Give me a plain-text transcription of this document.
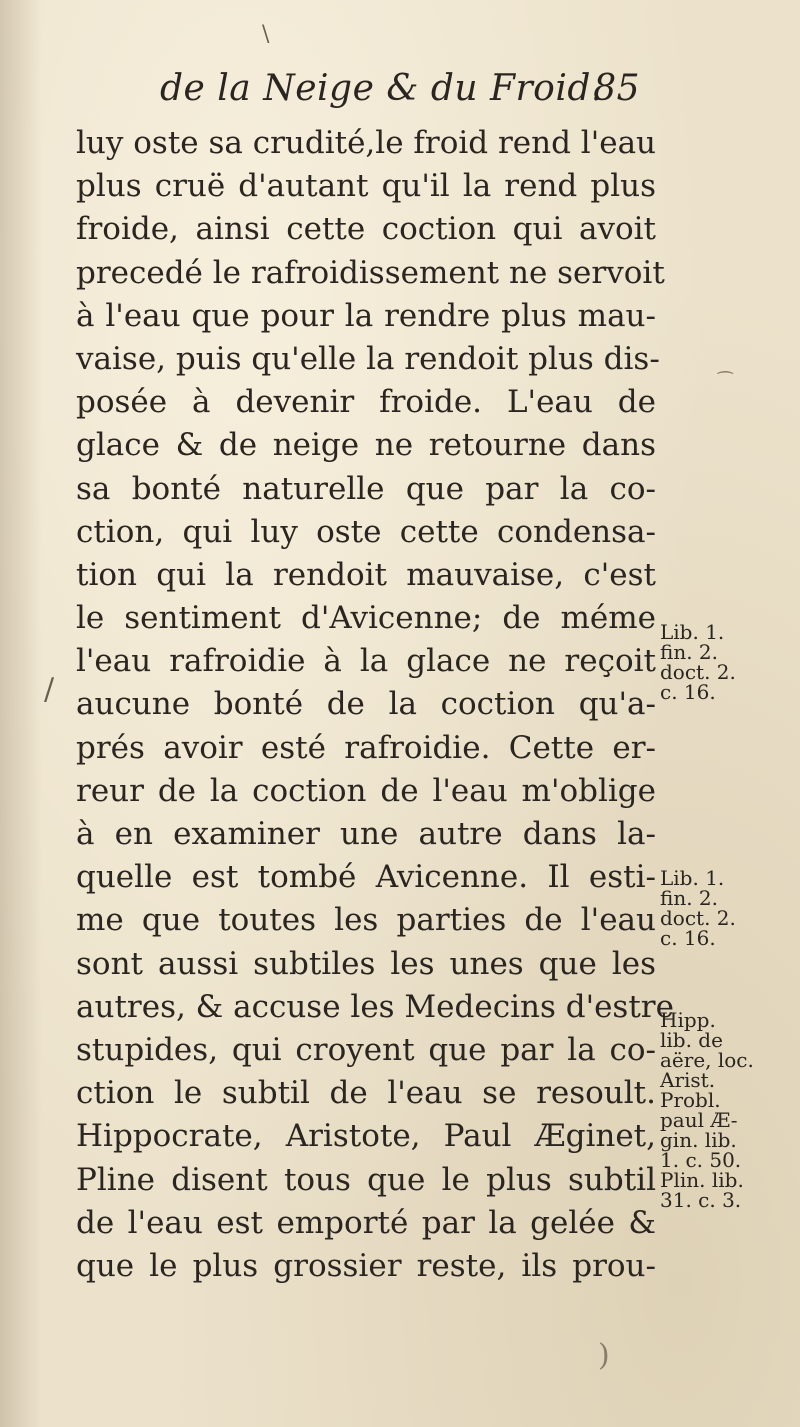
\
⁀
/
)
de la Neige & du Froid.
85
luy oste sa crudité,le froid rend l'eau
plus cruë d'autant qu'il la rend plus
froide, ainsi cette coction qui avoit
precedé le rafroidissement ne servoit
à l'eau que pour la rendre plus mau-
vaise, puis qu'elle la rendoit plus dis-
posée à devenir froide. L'eau de
glace & de neige ne retourne dans
sa bonté naturelle que par la co-
ction, qui luy oste cette condensa-
tion qui la rendoit mauvaise, c'est
le sentiment d'Avicenne; de méme
l'eau rafroidie à la glace ne reçoit
aucune bonté de la coction qu'a-
prés avoir esté rafroidie. Cette er-
reur de la coction de l'eau m'oblige
à en examiner une autre dans la-
quelle est tombé Avicenne. Il esti-
me que toutes les parties de l'eau
sont aussi subtiles les unes que les
autres, & accuse les Medecins d'estre
stupides, qui croyent que par la co-
ction le subtil de l'eau se resoult.
Hippocrate, Aristote, Paul Æginet,
Pline disent tous que le plus subtil
de l'eau est emporté par la gelée &
que le plus grossier reste, ils prou-
Lib. 1.
fin. 2.
doct. 2.
c. 16.
Lib. 1.
fin. 2.
doct. 2.
c. 16.
Hipp.
lib. de
aëre, loc.
Arist.
Probl.
paul Æ-
gin. lib.
1. c. 50.
Plin. lib.
31. c. 3.
